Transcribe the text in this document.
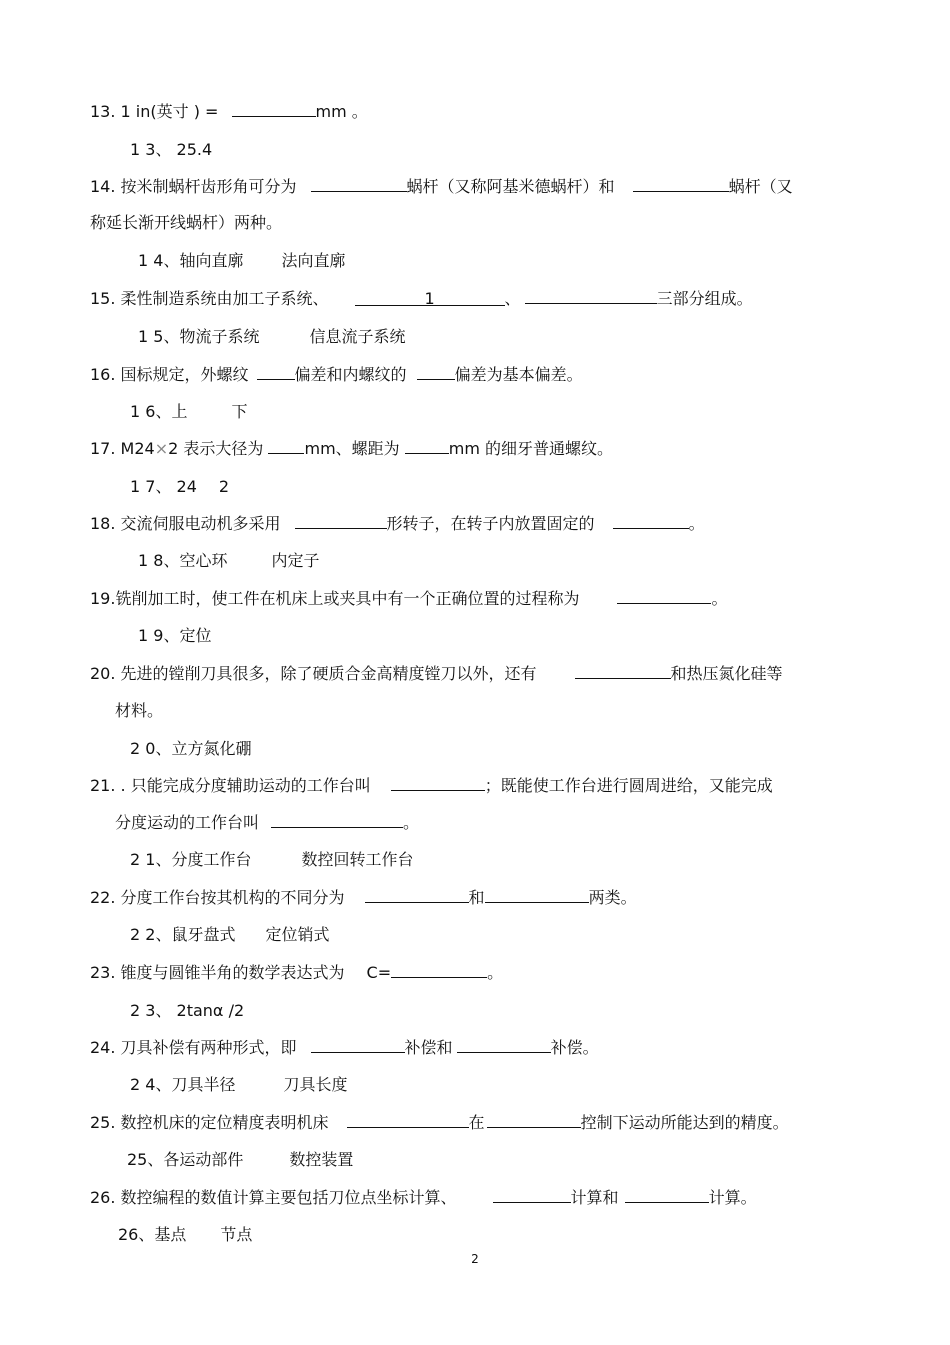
13. 1 in(英寸 ) =	mm 。
1 3、 25.4
14. 按米制蜗杆齿形角可分为	蜗杆（又称阿基米德蜗杆）和	蜗杆（又
称延长渐开线蜗杆）两种。
1 4、轴向直廓 法向直廓
15. 柔性制造系统由加工子系统、	1	、	三部分组成。
1 5、物流子系统	信息流子系统
16. 国标规定，外螺纹	偏差和内螺纹的	偏差为基本偏差。
1 6、上	下
17. M24×2 表示大径为	mm、螺距为	mm 的细牙普通螺纹。
1 7、 24 2
18. 交流伺服电动机多采用	形转子，在转子内放置固定的	。
1 8、空心环	内定子
19.铣削加工时，使工件在机床上或夹具中有一个正确位置的过程称为	。
1 9、定位
20. 先进的镗削刀具很多，除了硬质合金高精度镗刀以外，还有	和热压氮化硅等
材料。
2 0、立方氮化硼
21. . 只能完成分度辅助运动的工作台叫	；既能使工作台进行圆周进给，又能完成
分度运动的工作台叫	。
2 1、分度工作台	数控回转工作台
22. 分度工作台按其机构的不同分为	和	两类。
2 2、鼠牙盘式 定位销式
23. 锥度与圆锥半角的数学表达式为 C=	。
2 3、 2tanα /2
24. 刀具补偿有两种形式，即	补偿和	补偿。
2 4、刀具半径	刀具长度
25. 数控机床的定位精度表明机床	在	控制下运动所能达到的精度。
25、各运动部件	数控装置
26. 数控编程的数值计算主要包括刀位点坐标计算、	计算和	计算。
26、基点 节点
2
